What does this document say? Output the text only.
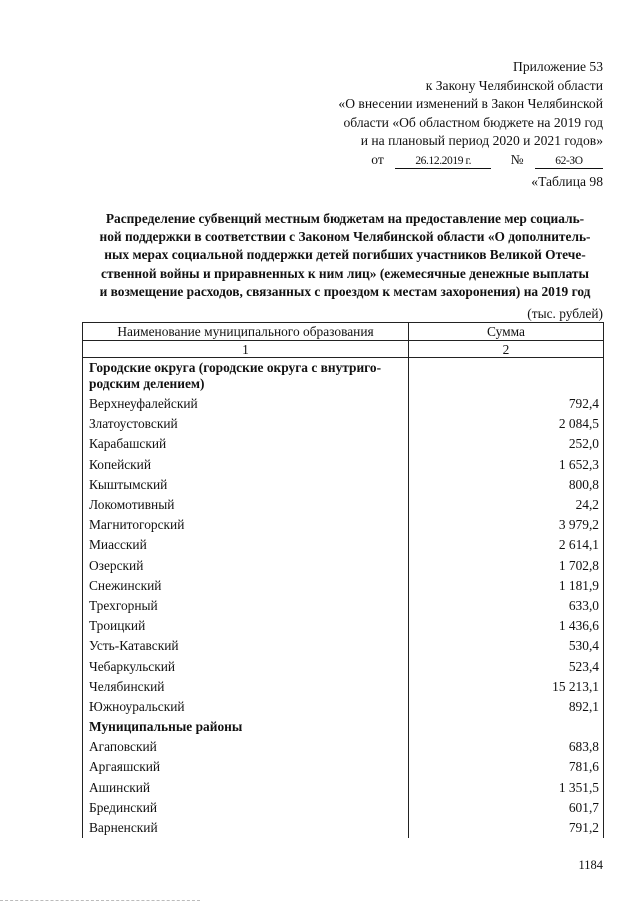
Приложение 53
к Закону Челябинской области
«О внесении изменений в Закон Челябинской
области «Об областном бюджете на 2019 год
и на плановый период 2020 и 2021 годов»
от	26.12.2019 г.	№	62-ЗО
«Таблица 98
Распределение субвенций местным бюджетам на предоставление мер социаль-
ной поддержки в соответствии с Законом Челябинской области «О дополнитель-
ных мерах социальной поддержки детей погибших участников Великой Отече-
ственной войны и приравненных к ним лиц» (ежемесячные денежные выплаты
и возмещение расходов, связанных с проездом к местам захоронения) на 2019 год
(тыс. рублей)
Наименование муниципального образования	Сумма
1	2
Городские округа (городские округа с внутриго-родским делением)	
Верхнеуфалейский	792,4
Златоустовский	2 084,5
Карабашский	252,0
Копейский	1 652,3
Кыштымский	800,8
Локомотивный	24,2
Магнитогорский	3 979,2
Миасский	2 614,1
Озерский	1 702,8
Снежинский	1 181,9
Трехгорный	633,0
Троицкий	1 436,6
Усть-Катавский	530,4
Чебаркульский	523,4
Челябинский	15 213,1
Южноуральский	892,1
Муниципальные районы	
Агаповский	683,8
Аргаяшский	781,6
Ашинский	1 351,5
Брединский	601,7
Варненский	791,2
1184
